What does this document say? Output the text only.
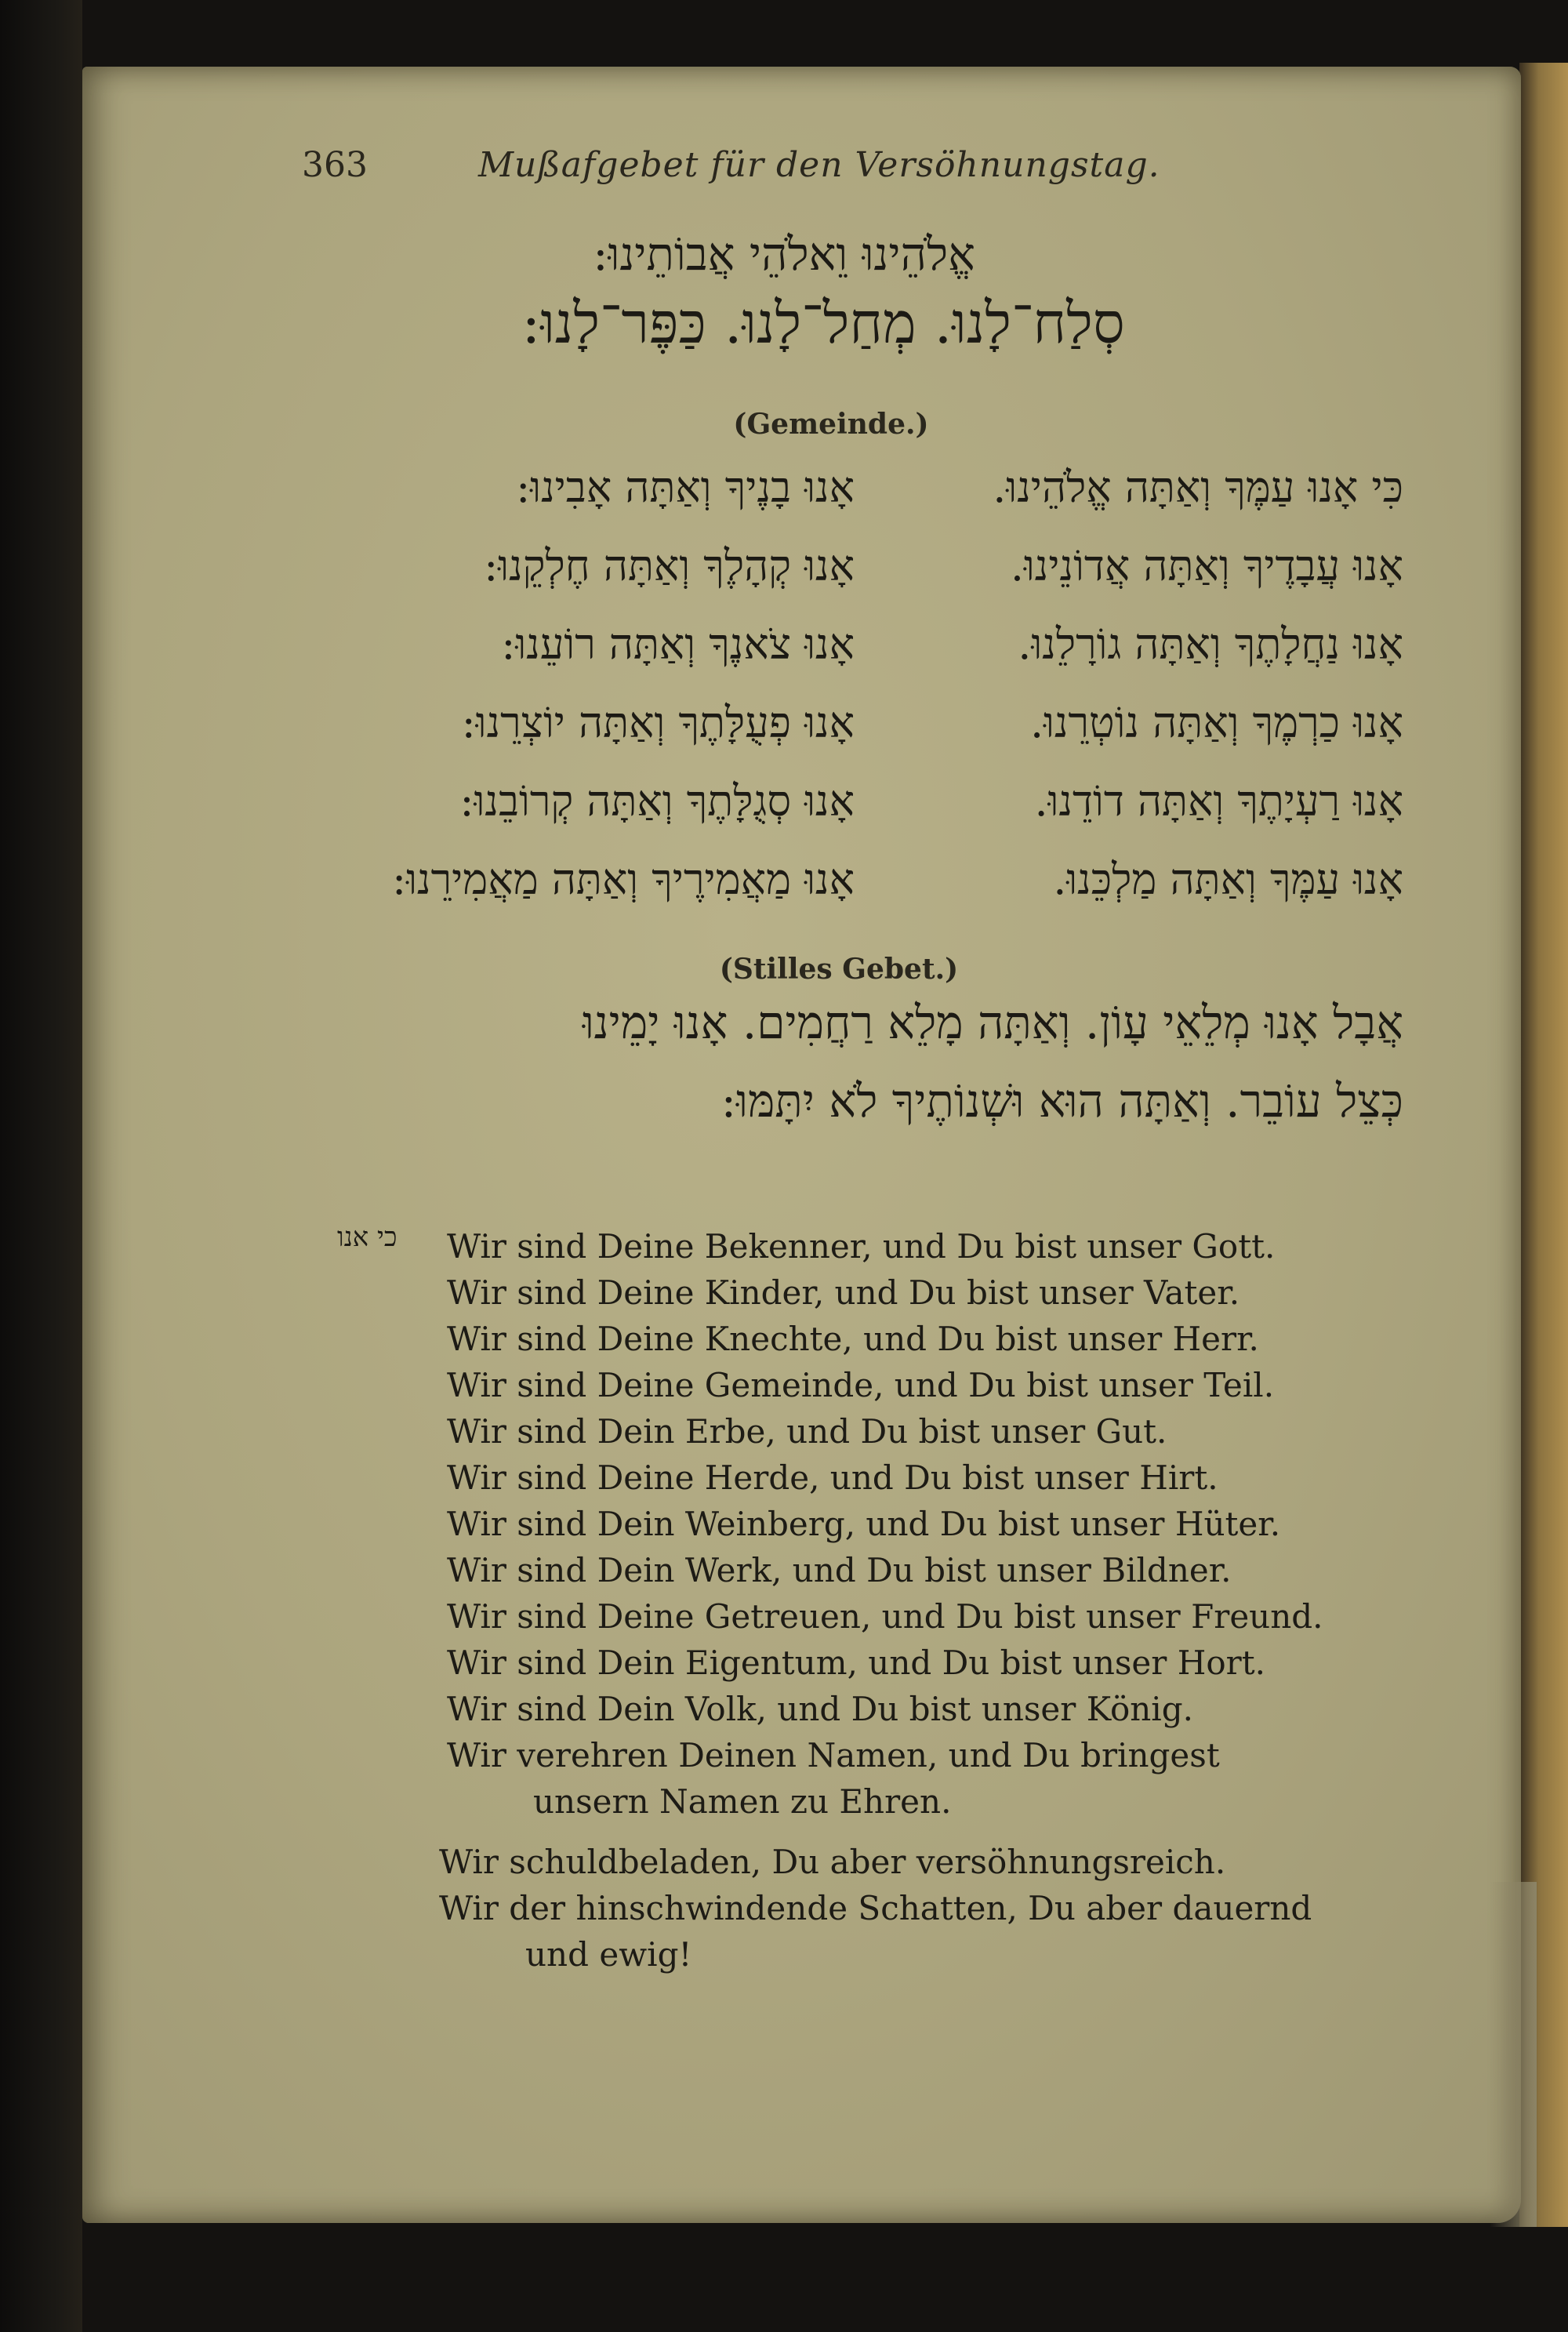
363	Mußafgebet für den Versöhnungstag.
אֱלֹהֵינוּ וֵאלֹהֵי אֲבוֹתֵינוּ:
סְלַח־לָנוּ. מְחַל־לָנוּ. כַּפֶּר־לָנוּ:
(Gemeinde.)
כִּי אָנוּ עַמֶּךָ וְאַתָּה אֱלֹהֵינוּ.
אָנוּ בָנֶיךָ וְאַתָּה אָבִינוּ:
אָנוּ עֲבָדֶיךָ וְאַתָּה אֲדוֹנֵינוּ.
אָנוּ קְהָלֶךָ וְאַתָּה חֶלְקֵנוּ:
אָנוּ נַחֲלָתֶךָ וְאַתָּה גוֹרָלֵנוּ.
אָנוּ צֹאנֶךָ וְאַתָּה רוֹעֵנוּ:
אָנוּ כַרְמֶךָ וְאַתָּה נוֹטְרֵנוּ.
אָנוּ פְעֻלָּתֶךָ וְאַתָּה יוֹצְרֵנוּ:
אָנוּ רַעְיָתֶךָ וְאַתָּה דוֹדֵנוּ.
אָנוּ סְגֻלָּתֶךָ וְאַתָּה קְרוֹבֵנוּ:
אָנוּ עַמֶּךָ וְאַתָּה מַלְכֵּנוּ.
אָנוּ מַאֲמִירֶיךָ וְאַתָּה מַאֲמִירֵנוּ:
(Stilles Gebet.)
אֲבָל אָנוּ מְלֵאֵי עָוֹן. וְאַתָּה מָלֵא רַחֲמִים. אָנוּ יָמֵינוּ
כְּצֵל עוֹבֵר. וְאַתָּה הוּא וּשְׁנוֹתֶיךָ לֹא יִתָּמּוּ:
כי אנו	Wir sind Deine Bekenner, und Du bist unser Gott.
Wir sind Deine Kinder, und Du bist unser Vater.
Wir sind Deine Knechte, und Du bist unser Herr.
Wir sind Deine Gemeinde, und Du bist unser Teil.
Wir sind Dein Erbe, und Du bist unser Gut.
Wir sind Deine Herde, und Du bist unser Hirt.
Wir sind Dein Weinberg, und Du bist unser Hüter.
Wir sind Dein Werk, und Du bist unser Bildner.
Wir sind Deine Getreuen, und Du bist unser Freund.
Wir sind Dein Eigentum, und Du bist unser Hort.
Wir sind Dein Volk, und Du bist unser König.
Wir verehren Deinen Namen, und Du bringest
unsern Namen zu Ehren.
Wir schuldbeladen, Du aber versöhnungsreich.
Wir der hinschwindende Schatten, Du aber dauernd
und ewig!
